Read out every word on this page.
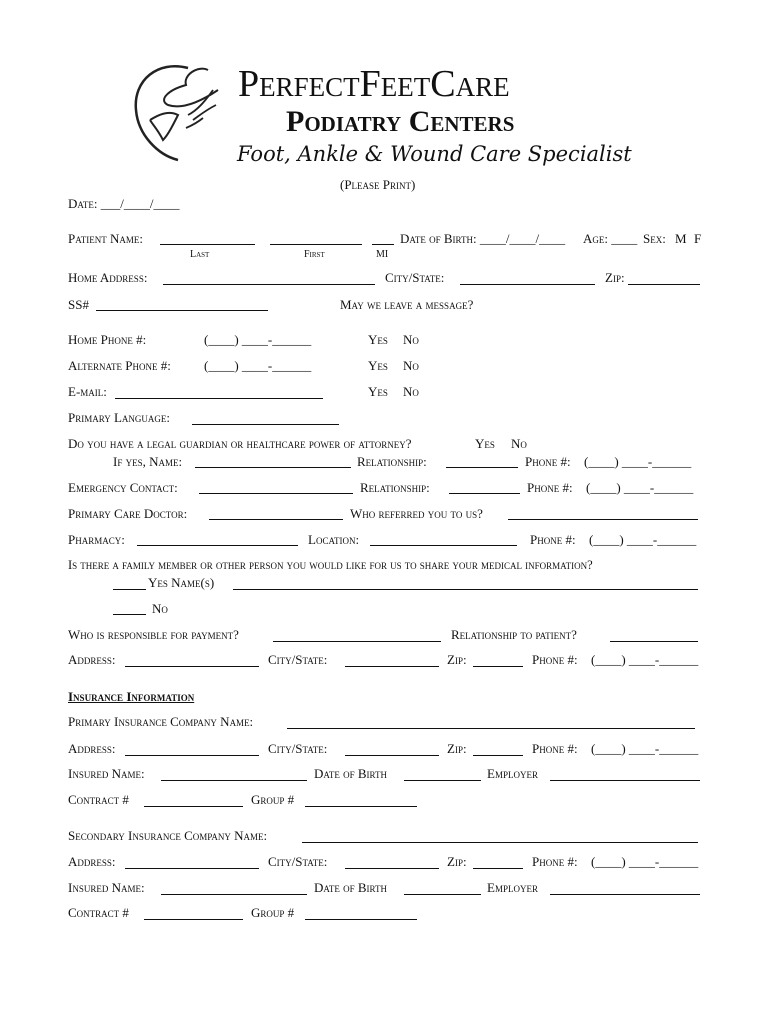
PerfectFeetCare
Podiatry Centers
Foot, Ankle & Wound Care Specialist
(Please Print)
Date: ___/____/____
Patient Name:
Last	First	MI
Date of Birth: ____/____/____ Age: ____ Sex: M F
Home Address:	City/State:	Zip:
SS#	May we leave a message?
Home Phone #:	(____) ____-______	Yes No
Alternate Phone #:	(____) ____-______	Yes No
E-mail:	Yes No
Primary Language:
Do you have a legal guardian or healthcare power of attorney?	Yes No
If yes, Name:	Relationship:	Phone #: (____) ____-______
Emergency Contact:	Relationship:	Phone #: (____) ____-______
Primary Care Doctor:	Who referred you to us?
Pharmacy:	Location:	Phone #: (____) ____-______
Is there a family member or other person you would like for us to share your medical information?
Yes Name(s)
No
Who is responsible for payment?	Relationship to patient?
Address:	City/State:	Zip:	Phone #: (____) ____-______
Insurance Information
Primary Insurance Company Name:
Address:	City/State:	Zip:	Phone #: (____) ____-______
Insured Name:	Date of Birth	Employer
Contract #	Group #
Secondary Insurance Company Name:
Address:	City/State:	Zip:	Phone #: (____) ____-______
Insured Name:	Date of Birth	Employer
Contract #	Group #
